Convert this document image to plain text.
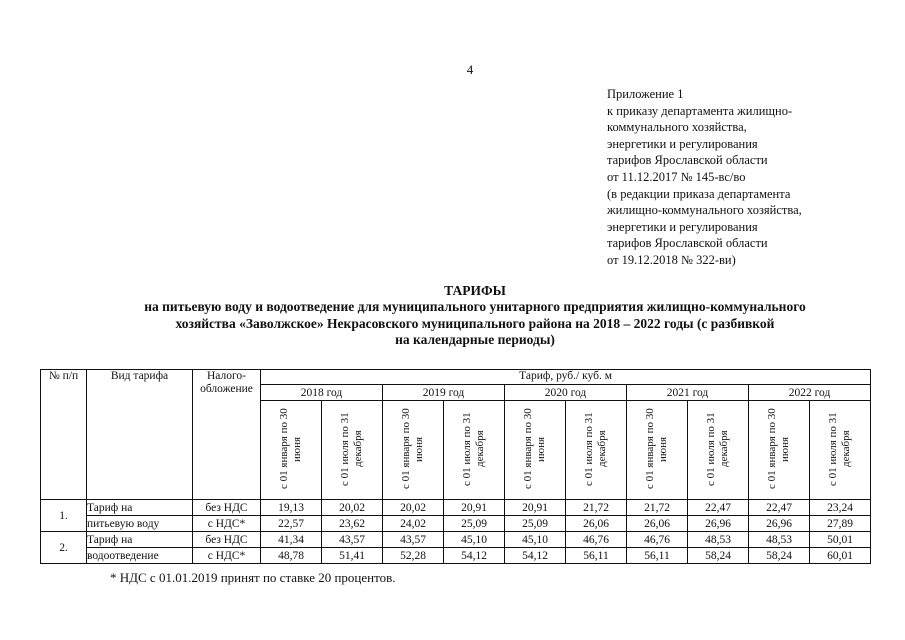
4
Приложение 1
к приказу департамента жилищно-
коммунального хозяйства,
энергетики и регулирования
тарифов Ярославской области
от 11.12.2017 № 145-вс/во
(в редакции приказа департамента
жилищно-коммунального хозяйства,
энергетики и регулирования
тарифов Ярославской области
от 19.12.2018 № 322-ви)
ТАРИФЫ
на питьевую воду и водоотведение для муниципального унитарного предприятия жилищно-коммунального
хозяйства «Заволжское» Некрасовского муниципального района на 2018 – 2022 годы (с разбивкой
на календарные периоды)
№ п/п	Вид тарифа	Налого-обложение	Тариф, руб./ куб. м									
			2018 год		2019 год		2020 год		2021 год		2022 год	
			с 01 января по 30 июня	с 01 июля по 31 декабря	с 01 января по 30 июня	с 01 июля по 31 декабря	с 01 января по 30 июня	с 01 июля по 31 декабря	с 01 января по 30 июня	с 01 июля по 31 декабря	с 01 января по 30 июня	с 01 июля по 31 декабря
1.	Тариф на	без НДС	19,13	20,02	20,02	20,91	20,91	21,72	21,72	22,47	22,47	23,24
	питьевую воду	с НДС*	22,57	23,62	24,02	25,09	25,09	26,06	26,06	26,96	26,96	27,89
2.	Тариф на	без НДС	41,34	43,57	43,57	45,10	45,10	46,76	46,76	48,53	48,53	50,01
	водоотведение	с НДС*	48,78	51,41	52,28	54,12	54,12	56,11	56,11	58,24	58,24	60,01
* НДС с 01.01.2019 принят по ставке 20 процентов.
